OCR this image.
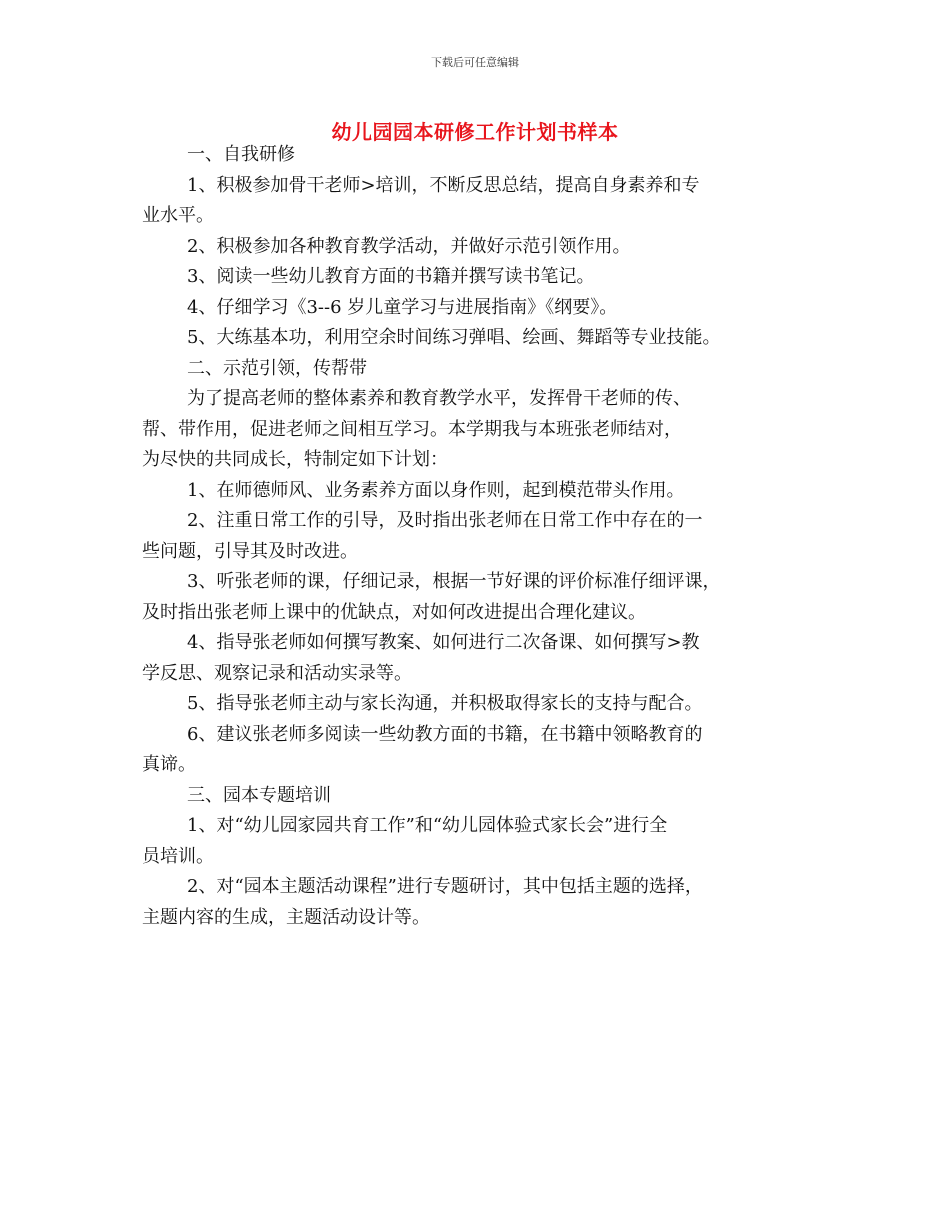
下载后可任意编辑
幼儿园园本研修工作计划书样本

一、自我研修

1、积极参加骨干老师>培训，不断反思总结，提高自身素养和专

业水平。

2、积极参加各种教育教学活动，并做好示范引领作用。

3、阅读一些幼儿教育方面的书籍并撰写读书笔记。

4、仔细学习《3--6 岁儿童学习与进展指南》《纲要》。

5、大练基本功，利用空余时间练习弹唱、绘画、舞蹈等专业技能。

二、示范引领，传帮带

为了提高老师的整体素养和教育教学水平，发挥骨干老师的传、

帮、带作用，促进老师之间相互学习。本学期我与本班张老师结对，

为尽快的共同成长，特制定如下计划：

1、在师德师风、业务素养方面以身作则，起到模范带头作用。

2、注重日常工作的引导，及时指出张老师在日常工作中存在的一

些问题，引导其及时改进。

3、听张老师的课，仔细记录，根据一节好课的评价标准仔细评课，

及时指出张老师上课中的优缺点，对如何改进提出合理化建议。

4、指导张老师如何撰写教案、如何进行二次备课、如何撰写>教

学反思、观察记录和活动实录等。

5、指导张老师主动与家长沟通，并积极取得家长的支持与配合。

6、建议张老师多阅读一些幼教方面的书籍，在书籍中领略教育的

真谛。

三、园本专题培训

1、对“幼儿园家园共育工作”和“幼儿园体验式家长会”进行全

员培训。

2、对“园本主题活动课程”进行专题研讨，其中包括主题的选择，

主题内容的生成，主题活动设计等。
